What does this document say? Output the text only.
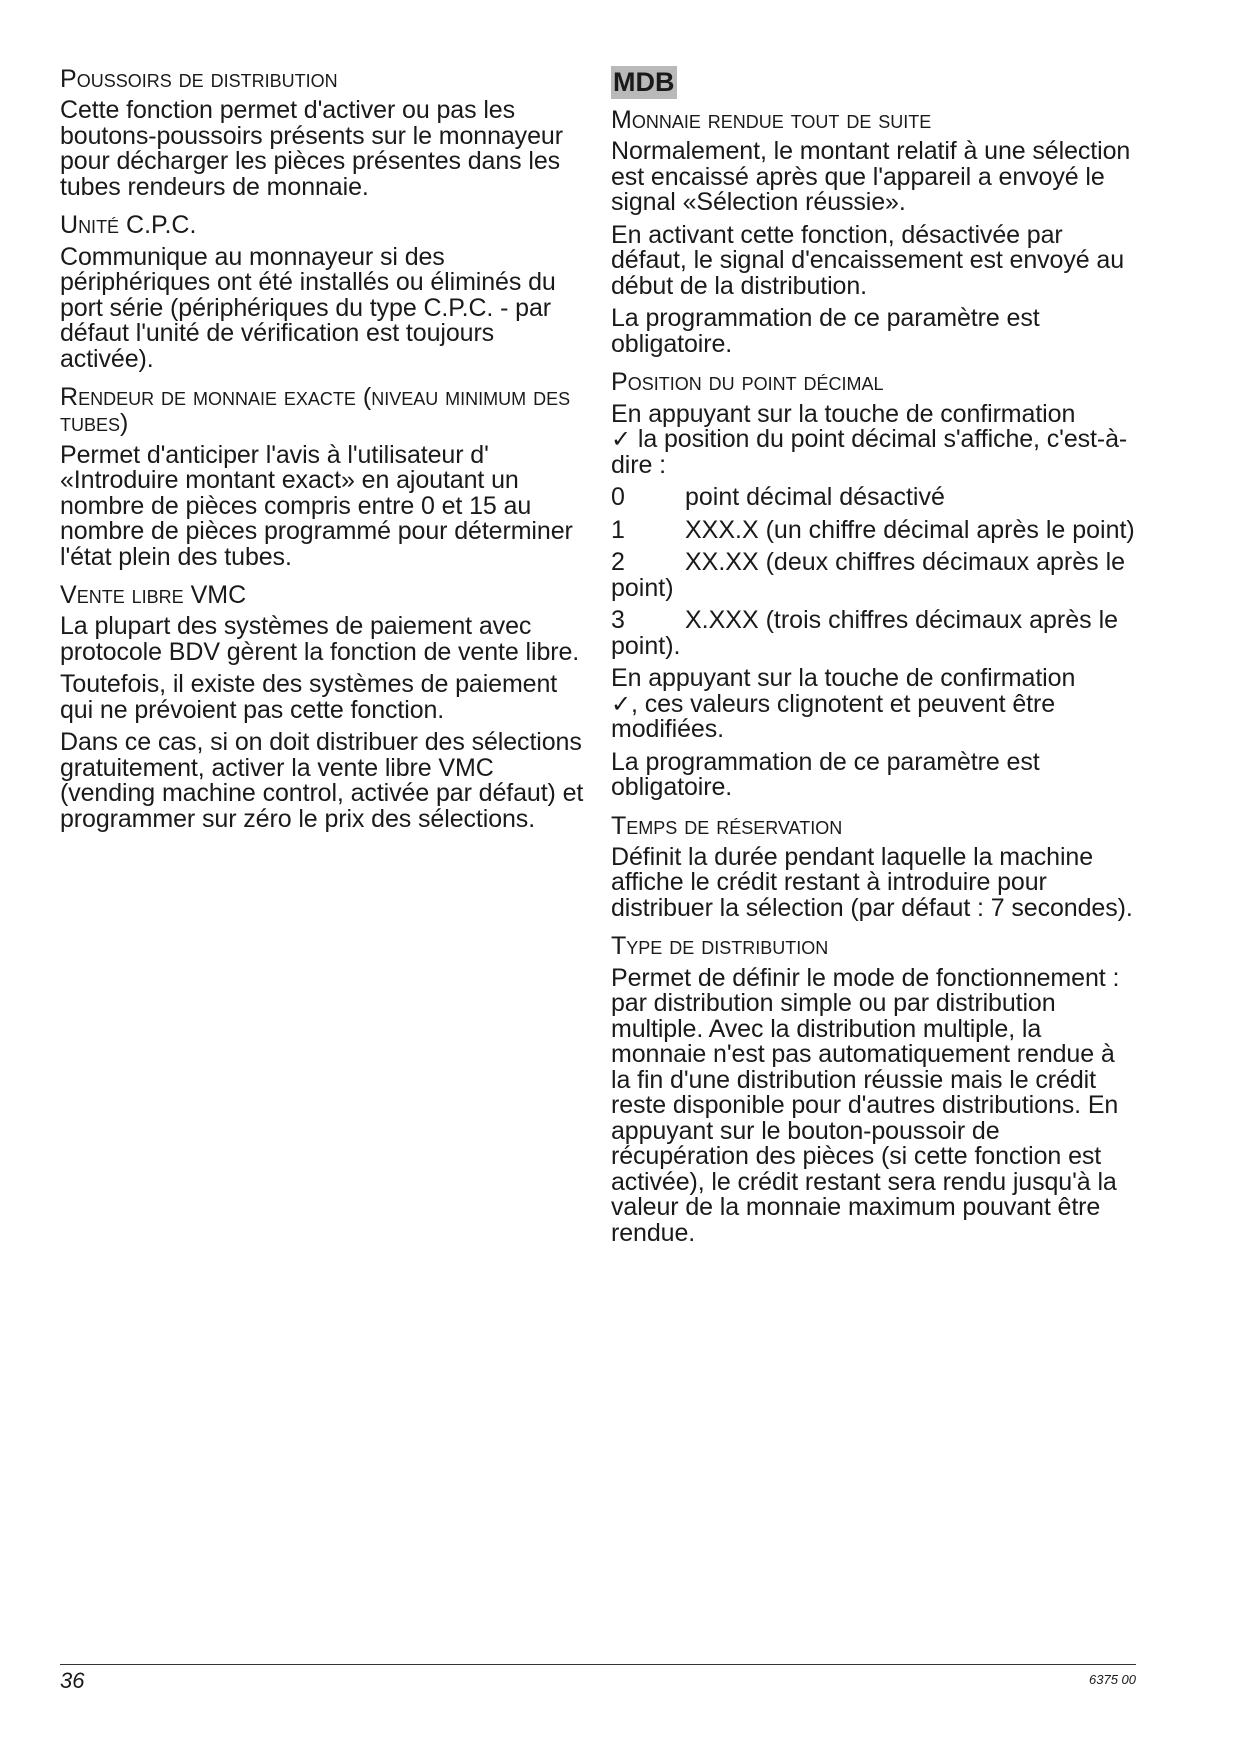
Poussoirs de distribution

Cette fonction permet d'activer ou pas les boutons-poussoirs présents sur le monnayeur pour décharger les pièces présentes dans les tubes rendeurs de monnaie.

Unité C.P.C.

Communique au monnayeur si des périphériques ont été installés ou éliminés du port série (périphériques du type C.P.C. - par défaut l'unité de vérification est toujours activée).

Rendeur de monnaie exacte (niveau minimum des tubes)

Permet d'anticiper l'avis à l'utilisateur d' «Introduire montant exact» en ajoutant un nombre de pièces compris entre 0 et 15 au nombre de pièces programmé pour déterminer l'état plein des tubes.

Vente libre VMC

La plupart des systèmes de paiement avec protocole BDV gèrent la fonction de vente libre.

Toutefois, il existe des systèmes de paiement qui ne prévoient pas cette fonction.

Dans ce cas, si on doit distribuer des sélections gratuitement, activer la vente libre VMC (vending machine control, activée par défaut) et programmer sur zéro le prix des sélections.

MDB
Monnaie rendue tout de suite

Normalement, le montant relatif à une sélection est encaissé après que l'appareil a envoyé le signal «Sélection réussie».

En activant cette fonction, désactivée par défaut, le signal d'encaissement est envoyé au début de la distribution.

La programmation de ce paramètre est obligatoire.

Position du point décimal

En appuyant sur la touche de confirmation
✓ la position du point décimal s'affiche, c'est-à-dire :

0 point décimal désactivé
1 XXX.X (un chiffre décimal après le point)
2 XX.XX (deux chiffres décimaux après le point)
3 X.XXX (trois chiffres décimaux après le point).

En appuyant sur la touche de confirmation
✓, ces valeurs clignotent et peuvent être modifiées.

La programmation de ce paramètre est obligatoire.

Temps de réservation

Définit la durée pendant laquelle la machine affiche le crédit restant à introduire pour distribuer la sélection (par défaut : 7 secondes).

Type de distribution

Permet de définir le mode de fonctionnement : par distribution simple ou par distribution multiple. Avec la distribution multiple, la monnaie n'est pas automatiquement rendue à la fin d'une distribution réussie mais le crédit reste disponible pour d'autres distributions. En appuyant sur le bouton-poussoir de récupération des pièces (si cette fonction est activée), le crédit restant sera rendu jusqu'à la valeur de la monnaie maximum pouvant être rendue.

36	6375 00
